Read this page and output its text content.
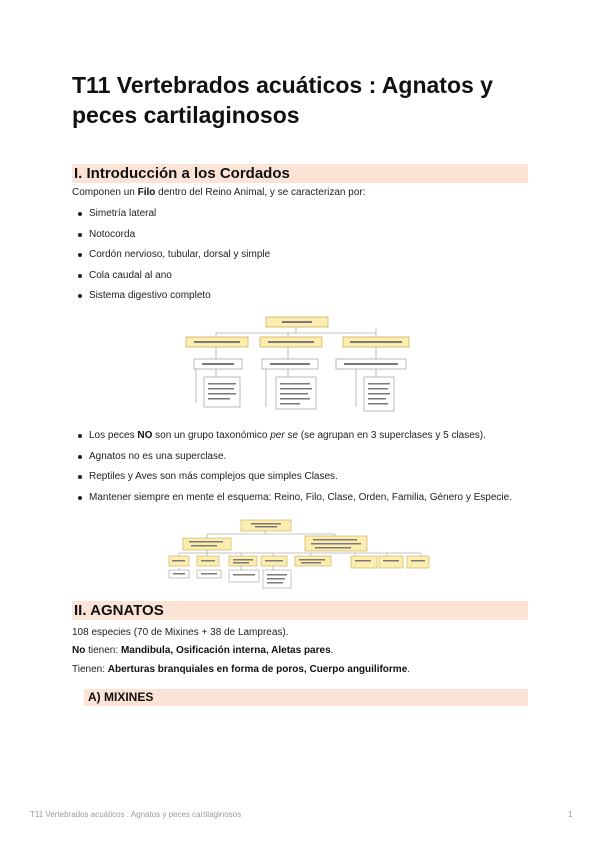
T11 Vertebrados acuáticos : Agnatos y peces cartilaginosos
I. Introducción a los Cordados
Componen un Filo dentro del Reino Animal, y se caracterizan por:
Simetría lateral
Notocorda
Cordón nervioso, tubular, dorsal y simple
Cola caudal al ano
Sistema digestivo completo
Los peces NO son un grupo taxonómico per se (se agrupan en 3 superclases y 5 clases).
Agnatos no es una superclase.
Reptiles y Aves son más complejos que simples Clases.
Mantener siempre en mente el esquema: Reino, Filo, Clase, Orden, Familia, Género y Especie.
II. AGNATOS
108 especies (70 de Mixines + 38 de Lampreas).
No tienen: Mandibula, Osificación interna, Aletas pares.
Tienen: Aberturas branquiales en forma de poros, Cuerpo anguiliforme.
A) MIXINES
T11 Vertebrados acuáticos : Agnatos y peces cartilaginosos	1
